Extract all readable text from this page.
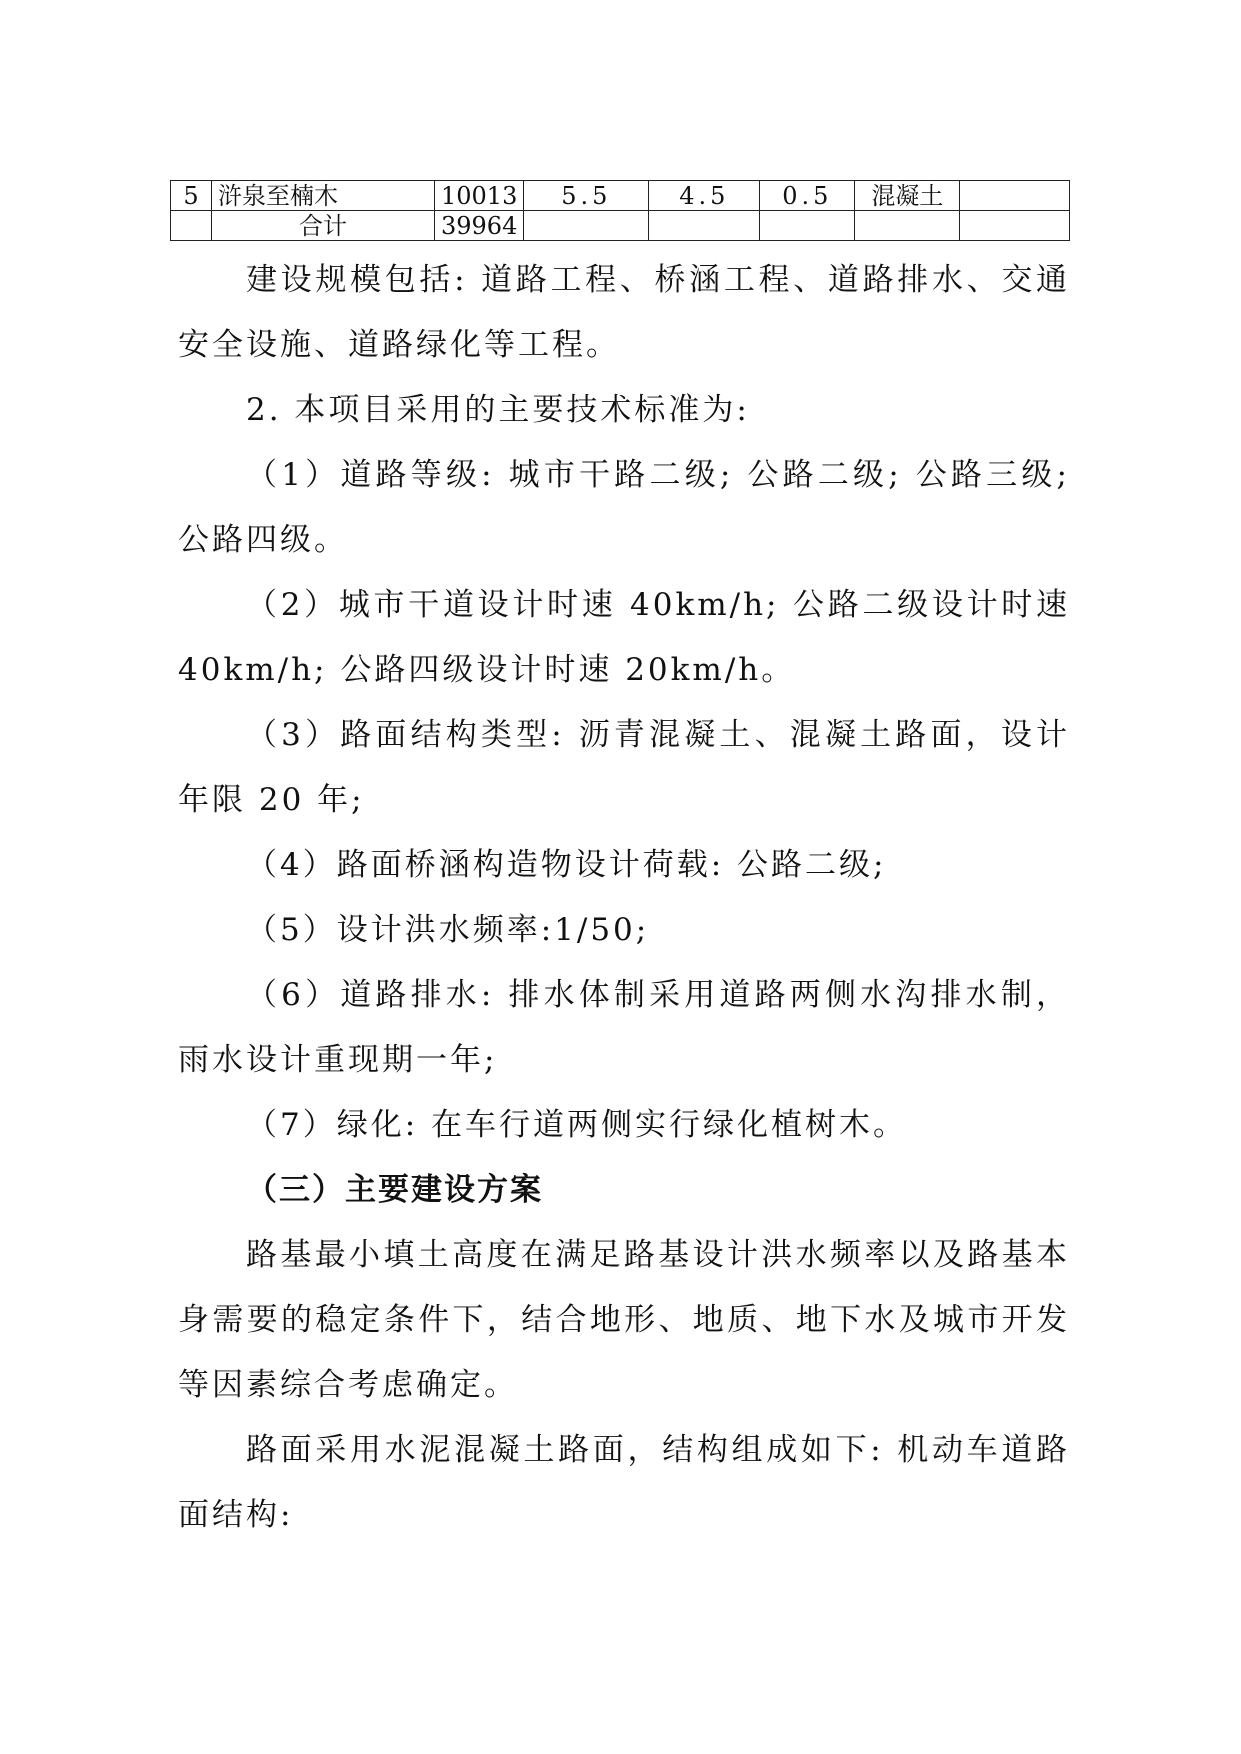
5	浒泉至楠木	10013	5.5	4.5	0.5	混凝土	
	合计	39964					

建设规模包括: 道路工程、桥涵工程、道路排水、交通安全设施、道路绿化等工程。

2. 本项目采用的主要技术标准为:

（1）道路等级: 城市干路二级; 公路二级; 公路三级; 公路四级。

（2）城市干道设计时速 40km/h; 公路二级设计时速 40km/h; 公路四级设计时速 20km/h。

（3）路面结构类型: 沥青混凝土、混凝土路面，设计年限 20 年;

（4）路面桥涵构造物设计荷载: 公路二级;

（5）设计洪水频率:1/50;

（6）道路排水: 排水体制采用道路两侧水沟排水制，雨水设计重现期一年;

（7）绿化: 在车行道两侧实行绿化植树木。

（三）主要建设方案

路基最小填土高度在满足路基设计洪水频率以及路基本身需要的稳定条件下，结合地形、地质、地下水及城市开发等因素综合考虑确定。

路面采用水泥混凝土路面，结构组成如下: 机动车道路面结构:
